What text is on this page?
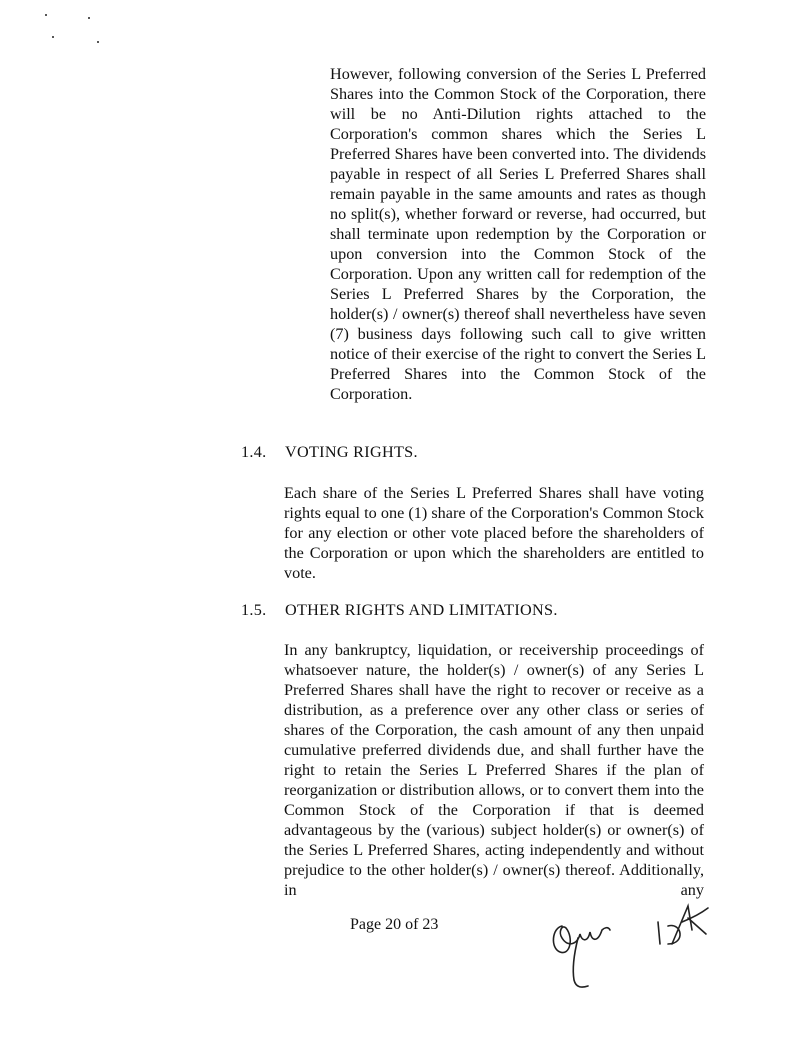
However, following conversion of the Series L Preferred Shares into the Common Stock of the Corporation, there will be no Anti-Dilution rights attached to the Corporation's common shares which the Series L Preferred Shares have been converted into. The dividends payable in respect of all Series L Preferred Shares shall remain payable in the same amounts and rates as though no split(s), whether forward or reverse, had occurred, but shall terminate upon redemption by the Corporation or upon conversion into the Common Stock of the Corporation. Upon any written call for redemption of the Series L Preferred Shares by the Corporation, the holder(s) / owner(s) thereof shall nevertheless have seven (7) business days following such call to give written notice of their exercise of the right to convert the Series L Preferred Shares into the Common Stock of the Corporation.

1.4. VOTING RIGHTS.

Each share of the Series L Preferred Shares shall have voting rights equal to one (1) share of the Corporation's Common Stock for any election or other vote placed before the shareholders of the Corporation or upon which the shareholders are entitled to vote.

1.5. OTHER RIGHTS AND LIMITATIONS.

In any bankruptcy, liquidation, or receivership proceedings of whatsoever nature, the holder(s) / owner(s) of any Series L Preferred Shares shall have the right to recover or receive as a distribution, as a preference over any other class or series of shares of the Corporation, the cash amount of any then unpaid cumulative preferred dividends due, and shall further have the right to retain the Series L Preferred Shares if the plan of reorganization or distribution allows, or to convert them into the Common Stock of the Corporation if that is deemed advantageous by the (various) subject holder(s) or owner(s) of the Series L Preferred Shares, acting independently and without prejudice to the other holder(s) / owner(s) thereof. Additionally, in any

Page 20 of 23
